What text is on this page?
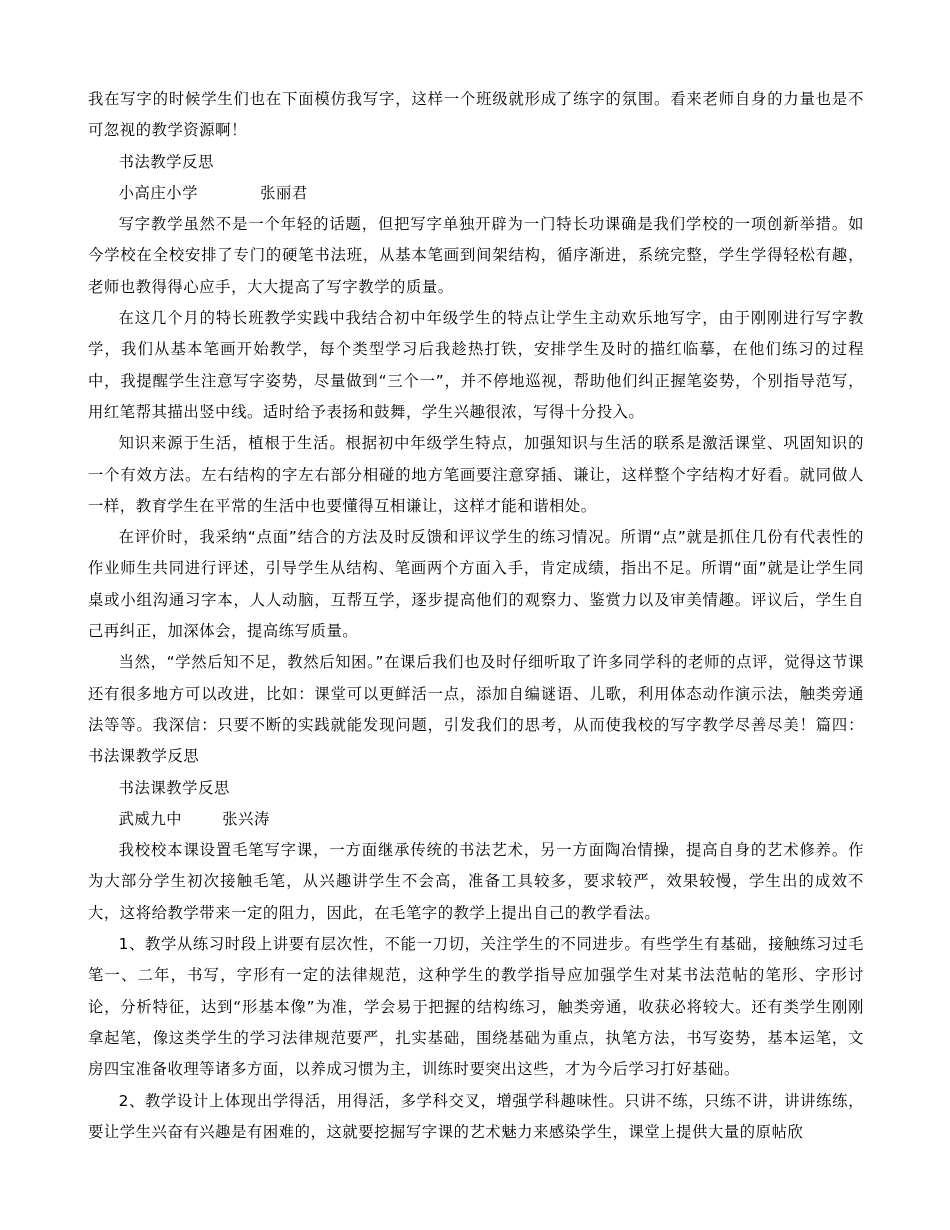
我在写字的时候学生们也在下面模仿我写字，这样一个班级就形成了练字的氛围。看来老师自身的力量也是不可忽视的教学资源啊！

书法教学反思

小高庄小学	张丽君

写字教学虽然不是一个年轻的话题，但把写字单独开辟为一门特长功课确是我们学校的一项创新举措。如今学校在全校安排了专门的硬笔书法班，从基本笔画到间架结构，循序渐进，系统完整，学生学得轻松有趣，老师也教得得心应手，大大提高了写字教学的质量。

在这几个月的特长班教学实践中我结合初中年级学生的特点让学生主动欢乐地写字，由于刚刚进行写字教学，我们从基本笔画开始教学，每个类型学习后我趁热打铁，安排学生及时的描红临摹，在他们练习的过程中，我提醒学生注意写字姿势，尽量做到“三个一”，并不停地巡视，帮助他们纠正握笔姿势，个别指导范写，用红笔帮其描出竖中线。适时给予表扬和鼓舞，学生兴趣很浓，写得十分投入。

知识来源于生活，植根于生活。根据初中年级学生特点，加强知识与生活的联系是激活课堂、巩固知识的一个有效方法。左右结构的字左右部分相碰的地方笔画要注意穿插、谦让，这样整个字结构才好看。就同做人一样，教育学生在平常的生活中也要懂得互相谦让，这样才能和谐相处。

在评价时，我采纳“点面”结合的方法及时反馈和评议学生的练习情况。所谓“点”就是抓住几份有代表性的作业师生共同进行评述，引导学生从结构、笔画两个方面入手，肯定成绩，指出不足。所谓“面”就是让学生同桌或小组沟通习字本，人人动脑，互帮互学，逐步提高他们的观察力、鉴赏力以及审美情趣。评议后，学生自己再纠正，加深体会，提高练写质量。

当然，“学然后知不足，教然后知困。”在课后我们也及时仔细听取了许多同学科的老师的点评，觉得这节课还有很多地方可以改进，比如：课堂可以更鲜活一点，添加自编谜语、儿歌，利用体态动作演示法，触类旁通法等等。我深信：只要不断的实践就能发现问题，引发我们的思考，从而使我校的写字教学尽善尽美！篇四：书法课教学反思

书法课教学反思

武威九中	张兴涛

我校校本课设置毛笔写字课，一方面继承传统的书法艺术，另一方面陶冶情操，提高自身的艺术修养。作为大部分学生初次接触毛笔，从兴趣讲学生不会高，准备工具较多，要求较严，效果较慢，学生出的成效不大，这将给教学带来一定的阻力，因此，在毛笔字的教学上提出自己的教学看法。

1、教学从练习时段上讲要有层次性，不能一刀切，关注学生的不同进步。有些学生有基础，接触练习过毛笔一、二年，书写，字形有一定的法律规范，这种学生的教学指导应加强学生对某书法范帖的笔形、字形讨论，分析特征，达到“形基本像”为准，学会易于把握的结构练习，触类旁通，收获必将较大。还有类学生刚刚拿起笔，像这类学生的学习法律规范要严，扎实基础，围绕基础为重点，执笔方法，书写姿势，基本运笔，文房四宝准备收理等诸多方面，以养成习惯为主，训练时要突出这些，才为今后学习打好基础。

2、教学设计上体现出学得活，用得活，多学科交叉，增强学科趣味性。只讲不练，只练不讲，讲讲练练，要让学生兴奋有兴趣是有困难的，这就要挖掘写字课的艺术魅力来感染学生，课堂上提供大量的原帖欣
